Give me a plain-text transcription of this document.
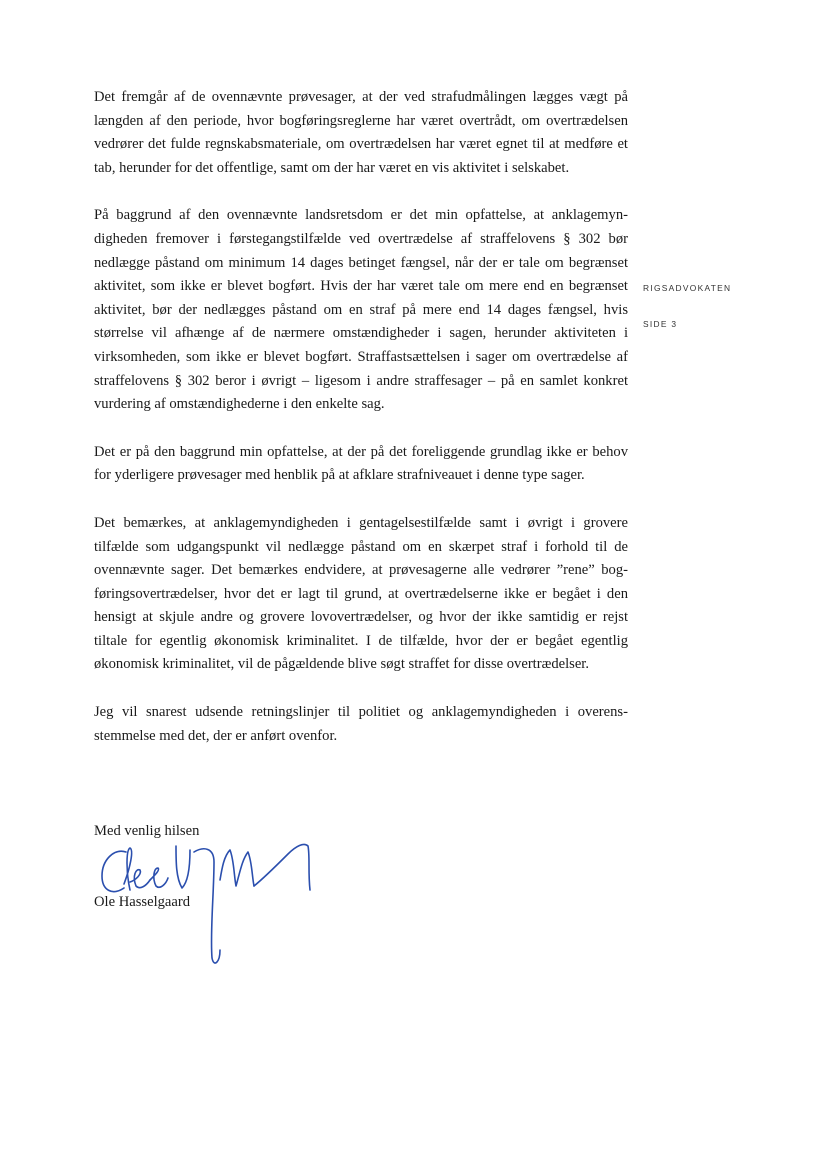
RIGSADVOKATEN
SIDE 3

Det fremgår af de ovennævnte prøvesager, at der ved strafudmålingen lægges vægt på længden af den periode, hvor bogføringsreglerne har været overtrådt, om overtrædelsen vedrører det fulde regnskabsmateriale, om overtrædelsen har været egnet til at medføre et tab, herunder for det offentlige, samt om der har været en vis aktivitet i selskabet.

På baggrund af den ovennævnte landsretsdom er det min opfattelse, at anklagemyndigheden fremover i førstegangstilfælde ved overtrædelse af straffelovens § 302 bør nedlægge påstand om minimum 14 dages betinget fængsel, når der er tale om begrænset aktivitet, som ikke er blevet bogført. Hvis der har været tale om mere end en begrænset aktivitet, bør der nedlægges påstand om en straf på mere end 14 dages fængsel, hvis størrelse vil afhænge af de nærmere omstændigheder i sagen, herunder aktiviteten i virksomheden, som ikke er blevet bogført. Straffastsættelsen i sager om overtrædelse af straffelovens § 302 beror i øvrigt – ligesom i andre straffesager – på en samlet konkret vurdering af omstændighederne i den enkelte sag.

Det er på den baggrund min opfattelse, at der på det foreliggende grundlag ikke er behov for yderligere prøvesager med henblik på at afklare strafniveauet i denne type sager.

Det bemærkes, at anklagemyndigheden i gentagelsestilfælde samt i øvrigt i grovere tilfælde som udgangspunkt vil nedlægge påstand om en skærpet straf i forhold til de ovennævnte sager. Det bemærkes endvidere, at prøvesagerne alle vedrører ”rene” bogføringsovertrædelser, hvor det er lagt til grund, at overtrædelserne ikke er begået i den hensigt at skjule andre og grovere lovovertrædelser, og hvor der ikke samtidig er rejst tiltale for egentlig økonomisk kriminalitet. I de tilfælde, hvor der er begået egentlig økonomisk kriminalitet, vil de pågældende blive søgt straffet for disse overtrædelser.

Jeg vil snarest udsende retningslinjer til politiet og anklagemyndigheden i overensstemmelse med det, der er anført ovenfor.

Med venlig hilsen
Ole Hasselgaard
